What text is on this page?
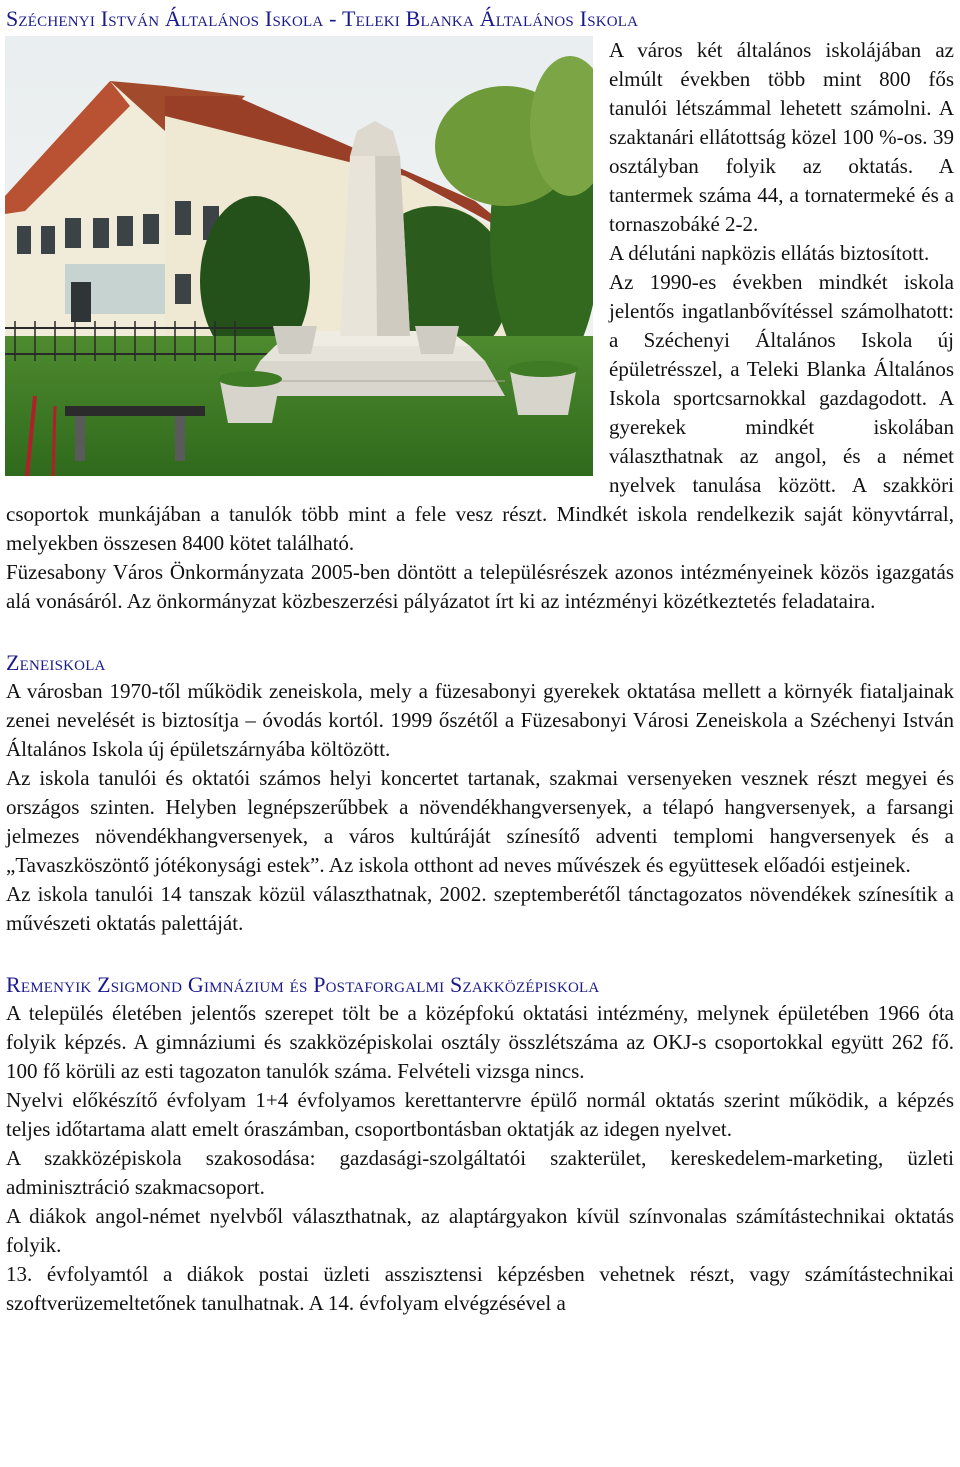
Széchenyi István Általános Iskola - Teleki Blanka Általános Iskola

A város két általános iskolájában az elmúlt években több mint 800 fős tanulói létszámmal lehetett számolni. A szaktanári ellátottság közel 100 %-os. 39 osztályban folyik az oktatás. A tantermek száma 44, a tornatermeké és a tornaszobáké 2-2.

A délutáni napközis ellátás biztosított.

Az 1990-es években mindkét iskola jelentős ingatlanbővítéssel számolhatott: a Széchenyi Általános Iskola új épületrésszel, a Teleki Blanka Általános Iskola sportcsarnokkal gazdagodott. A gyerekek mindkét iskolában választhatnak az angol, és a német nyelvek tanulása között. A szakköri csoportok munkájában a tanulók több mint a fele vesz részt. Mindkét iskola rendelkezik saját könyvtárral, melyekben összesen 8400 kötet található.

Füzesabony Város Önkormányzata 2005-ben döntött a településrészek azonos intézményeinek közös igazgatás alá vonásáról. Az önkormányzat közbeszerzési pályázatot írt ki az intézményi közétkeztetés feladataira.

Zeneiskola

A városban 1970-től működik zeneiskola, mely a füzesabonyi gyerekek oktatása mellett a környék fiataljainak zenei nevelését is biztosítja – óvodás kortól. 1999 őszétől a Füzesabonyi Városi Zeneiskola a Széchenyi István Általános Iskola új épületszárnyába költözött.

Az iskola tanulói és oktatói számos helyi koncertet tartanak, szakmai versenyeken vesznek részt megyei és országos szinten. Helyben legnépszerűbbek a növendékhangversenyek, a télapó hangversenyek, a farsangi jelmezes növendékhangversenyek, a város kultúráját színesítő adventi templomi hangversenyek és a „Tavaszköszöntő jótékonysági estek”. Az iskola otthont ad neves művészek és együttesek előadói estjeinek.

Az iskola tanulói 14 tanszak közül választhatnak, 2002. szeptemberétől tánctagozatos növendékek színesítik a művészeti oktatás palettáját.

Remenyik Zsigmond Gimnázium és Postaforgalmi Szakközépiskola

A település életében jelentős szerepet tölt be a középfokú oktatási intézmény, melynek épületében 1966 óta folyik képzés. A gimnáziumi és szakközépiskolai osztály összlétszáma az OKJ-s csoportokkal együtt 262 fő. 100 fő körüli az esti tagozaton tanulók száma. Felvételi vizsga nincs.

Nyelvi előkészítő évfolyam 1+4 évfolyamos kerettantervre épülő normál oktatás szerint működik, a képzés teljes időtartama alatt emelt óraszámban, csoportbontásban oktatják az idegen nyelvet.

A szakközépiskola szakosodása: gazdasági-szolgáltatói szakterület, kereskedelem-marketing, üzleti adminisztráció szakmacsoport.

A diákok angol-német nyelvből választhatnak, az alaptárgyakon kívül színvonalas számítástechnikai oktatás folyik.

13. évfolyamtól a diákok postai üzleti asszisztensi képzésben vehetnek részt, vagy számítástechnikai szoftverüzemeltetőnek tanulhatnak. A 14. évfolyam elvégzésével a
